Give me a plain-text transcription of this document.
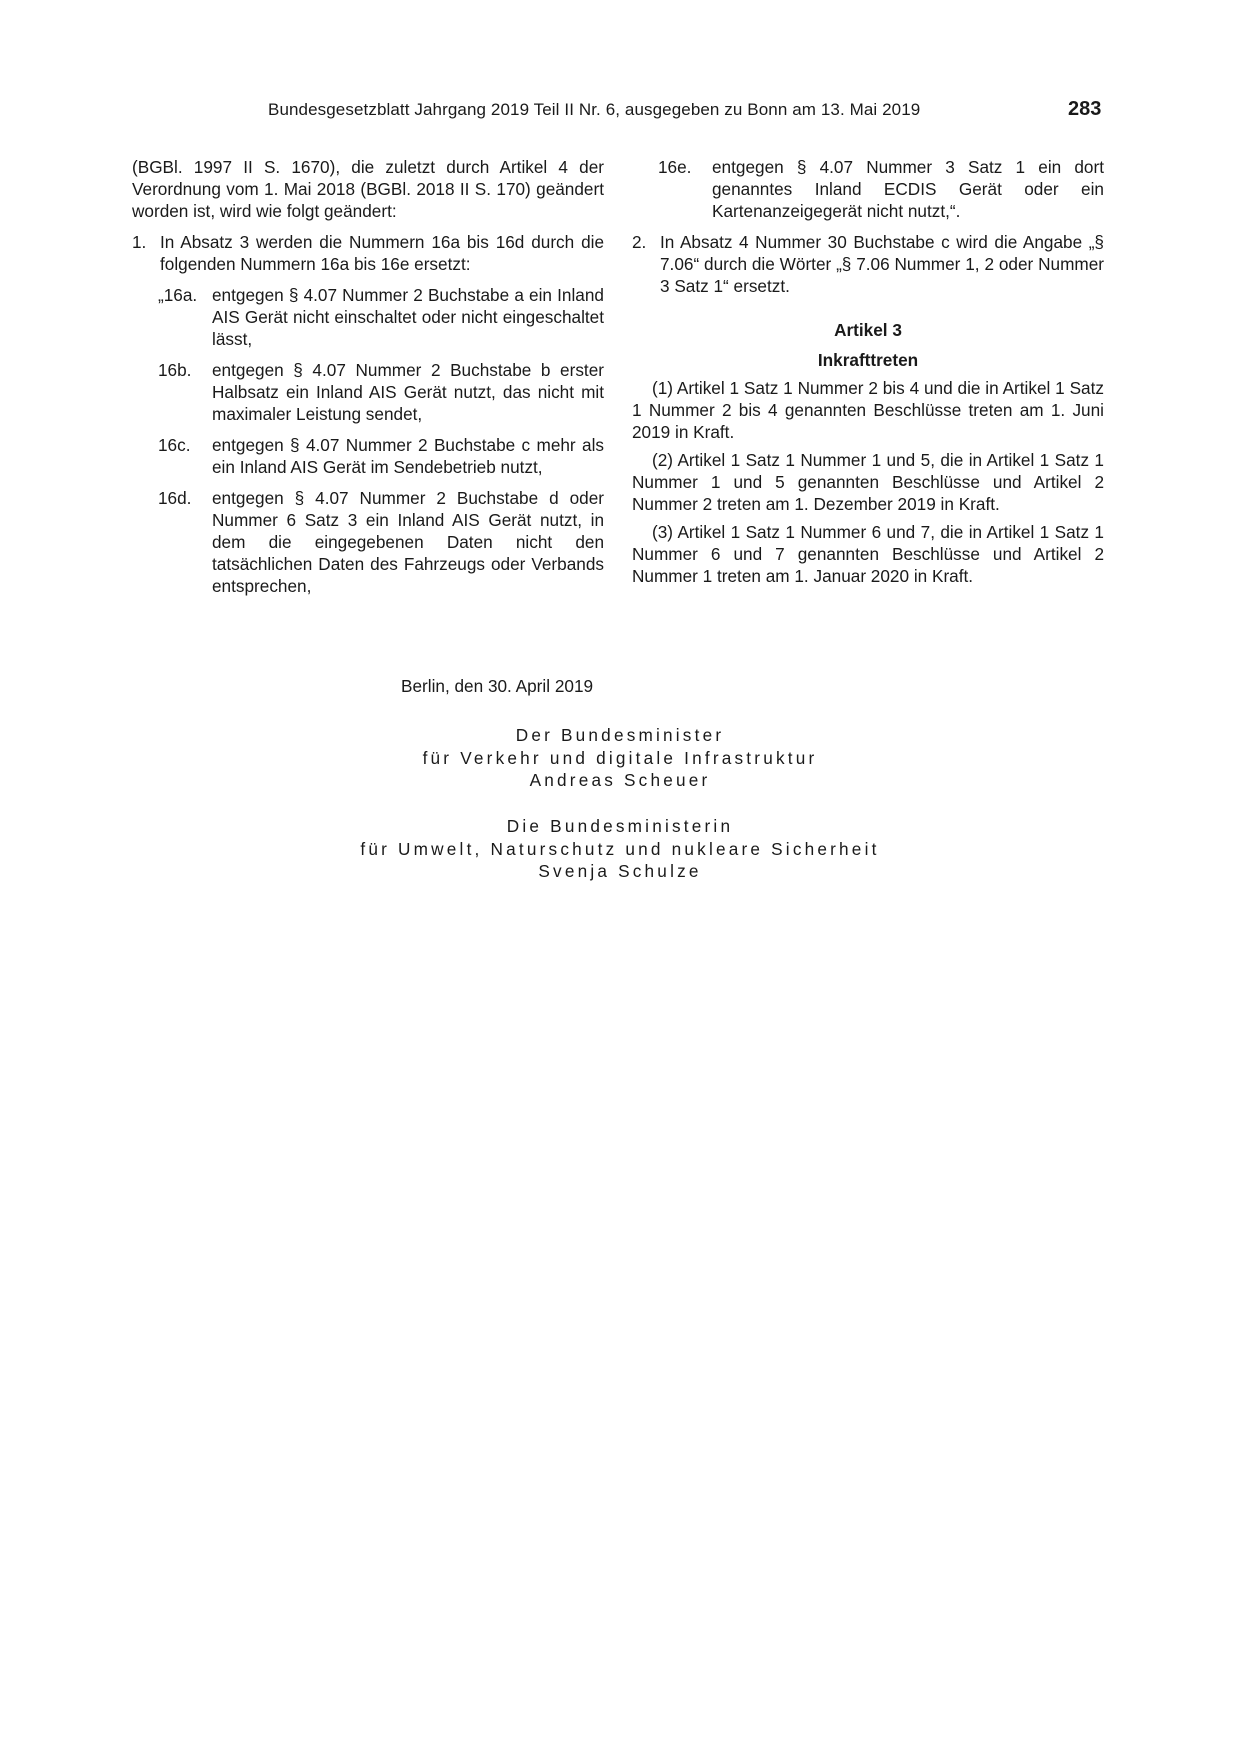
Bundesgesetzblatt Jahrgang 2019 Teil II Nr. 6, ausgegeben zu Bonn am 13. Mai 2019	283

(BGBl. 1997 II S. 1670), die zuletzt durch Artikel 4 der Verordnung vom 1. Mai 2018 (BGBl. 2018 II S. 170) geändert worden ist, wird wie folgt geändert:

1. In Absatz 3 werden die Nummern 16a bis 16d durch die folgenden Nummern 16a bis 16e ersetzt:
„16a. entgegen § 4.07 Nummer 2 Buchstabe a ein Inland AIS Gerät nicht einschaltet oder nicht eingeschaltet lässt,
16b.	entgegen § 4.07 Nummer 2 Buchstabe b erster Halbsatz ein Inland AIS Gerät nutzt, das nicht mit maximaler Leistung sendet,
16c.	entgegen § 4.07 Nummer 2 Buchstabe c mehr als ein Inland AIS Gerät im Sendebetrieb nutzt,
16d.	entgegen § 4.07 Nummer 2 Buchstabe d oder Nummer 6 Satz 3 ein Inland AIS Gerät nutzt, in dem die eingegebenen Daten nicht den tatsächlichen Daten des Fahrzeugs oder Verbands entsprechen,
16e.	entgegen § 4.07 Nummer 3 Satz 1 ein dort genanntes Inland ECDIS Gerät oder ein Kartenanzeigegerät nicht nutzt,“.
2. In Absatz 4 Nummer 30 Buchstabe c wird die Angabe „§ 7.06“ durch die Wörter „§ 7.06 Nummer 1, 2 oder Nummer 3 Satz 1“ ersetzt.

Artikel 3

Inkrafttreten

(1) Artikel 1 Satz 1 Nummer 2 bis 4 und die in Artikel 1 Satz 1 Nummer 2 bis 4 genannten Beschlüsse treten am 1. Juni 2019 in Kraft.

(2) Artikel 1 Satz 1 Nummer 1 und 5, die in Artikel 1 Satz 1 Nummer 1 und 5 genannten Beschlüsse und Artikel 2 Nummer 2 treten am 1. Dezember 2019 in Kraft.

(3) Artikel 1 Satz 1 Nummer 6 und 7, die in Artikel 1 Satz 1 Nummer 6 und 7 genannten Beschlüsse und Artikel 2 Nummer 1 treten am 1. Januar 2020 in Kraft.

Berlin, den 30. April 2019
Der Bundesminister
für Verkehr und digitale Infrastruktur
Andreas Scheuer
Die Bundesministerin
für Umwelt, Naturschutz und nukleare Sicherheit
Svenja Schulze
